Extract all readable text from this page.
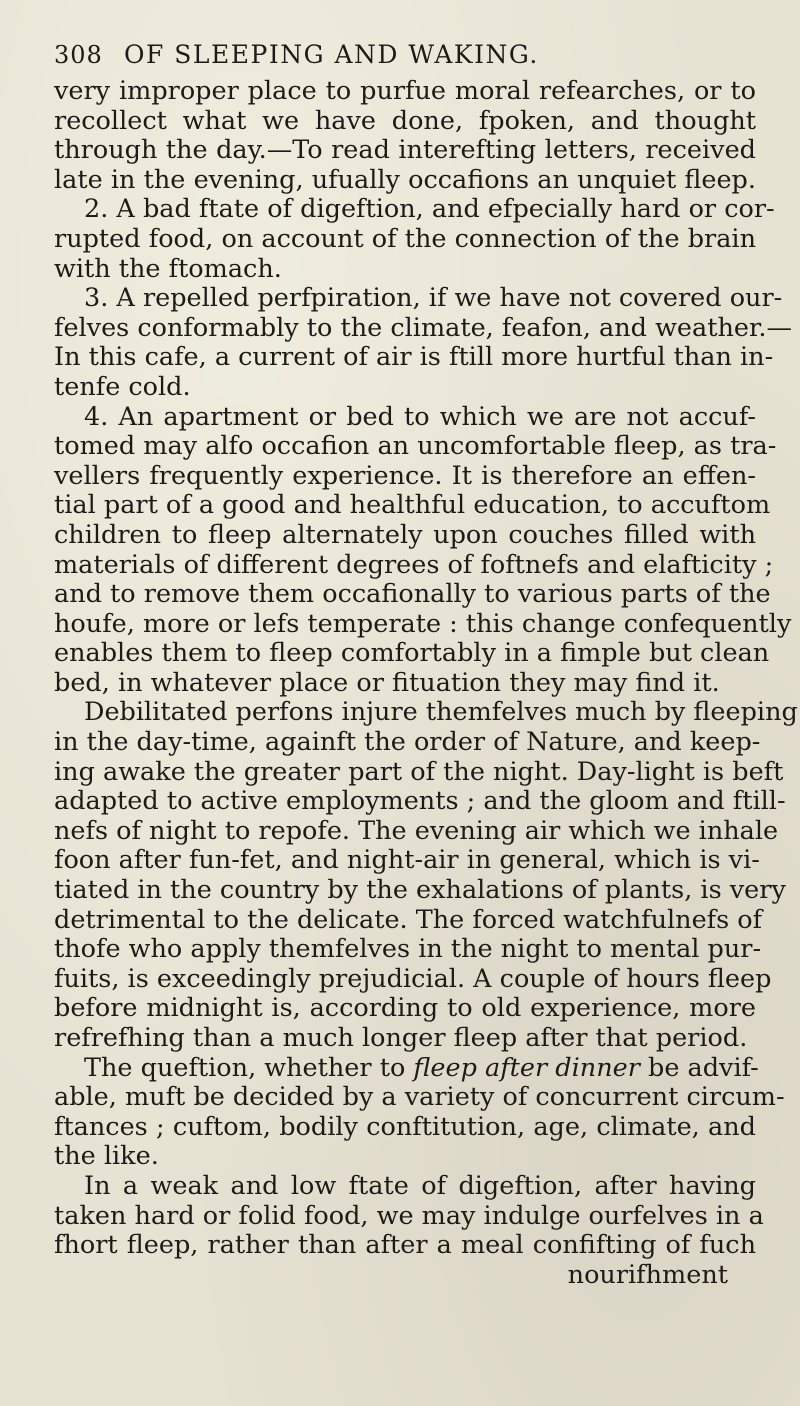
308 OF SLEEPING AND WAKING.
very improper place to purfue moral refearches, or to
recollect what we have done, fpoken, and thought
through the day.—To read interefting letters, received
late in the evening, ufually occafions an unquiet fleep.
2. A bad ftate of digeftion, and efpecially hard or cor-
rupted food, on account of the connection of the brain
with the ftomach.
3. A repelled perfpiration, if we have not covered our-
felves conformably to the climate, feafon, and weather.—
In this cafe, a current of air is ftill more hurtful than in-
tenfe cold.
4. An apartment or bed to which we are not accuf-
tomed may alfo occafion an uncomfortable fleep, as tra-
vellers frequently experience. It is therefore an effen-
tial part of a good and healthful education, to accuftom
children to fleep alternately upon couches filled with
materials of different degrees of foftnefs and elafticity ;
and to remove them occafionally to various parts of the
houfe, more or lefs temperate : this change confequently
enables them to fleep comfortably in a fimple but clean
bed, in whatever place or fituation they may find it.
Debilitated perfons injure themfelves much by fleeping
in the day-time, againft the order of Nature, and keep-
ing awake the greater part of the night. Day-light is beft
adapted to active employments ; and the gloom and ftill-
nefs of night to repofe. The evening air which we inhale
foon after fun-fet, and night-air in general, which is vi-
tiated in the country by the exhalations of plants, is very
detrimental to the delicate. The forced watchfulnefs of
thofe who apply themfelves in the night to mental pur-
fuits, is exceedingly prejudicial. A couple of hours fleep
before midnight is, according to old experience, more
refrefhing than a much longer fleep after that period.
The queftion, whether to fleep after dinner be advif-
able, muft be decided by a variety of concurrent circum-
ftances ; cuftom, bodily conftitution, age, climate, and
the like.
In a weak and low ftate of digeftion, after having
taken hard or folid food, we may indulge ourfelves in a
fhort fleep, rather than after a meal confifting of fuch
nourifhment
